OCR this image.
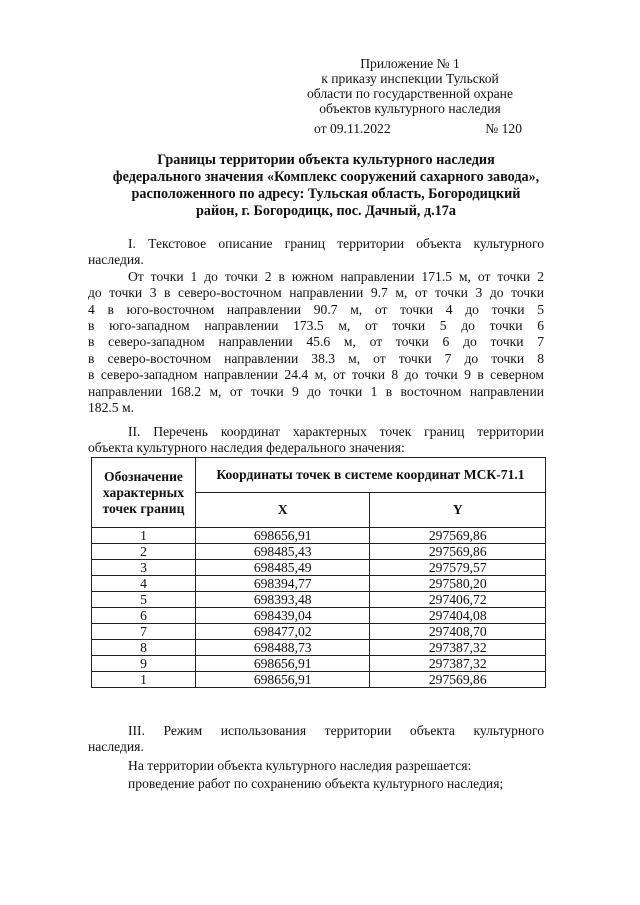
Приложение № 1
к приказу инспекции Тульской
области по государственной охране
объектов культурного наследия
от 09.11.2022	№ 120
Границы территории объекта культурного наследия
федерального значения «Комплекс сооружений сахарного завода»,
расположенного по адресу: Тульская область, Богородицкий
район, г. Богородицк, пос. Дачный, д.17а
I. Текстовое описание границ территории объекта культурного
наследия.
От точки 1 до точки 2 в южном направлении 171.5 м, от точки 2
до точки 3 в северо-восточном направлении 9.7 м, от точки 3 до точки
4 в юго-восточном направлении 90.7 м, от точки 4 до точки 5
в юго-западном направлении 173.5 м, от точки 5 до точки 6
в северо-западном направлении 45.6 м, от точки 6 до точки 7
в северо-восточном направлении 38.3 м, от точки 7 до точки 8
в северо-западном направлении 24.4 м, от точки 8 до точки 9 в северном
направлении 168.2 м, от точки 9 до точки 1 в восточном направлении
182.5 м.
II. Перечень координат характерных точек границ территории
объекта культурного наследия федерального значения:
Обозначение характерных точек границ	Координаты точек в системе координат МСК-71.1	
	X	Y
1	698656,91	297569,86
2	698485,43	297569,86
3	698485,49	297579,57
4	698394,77	297580,20
5	698393,48	297406,72
6	698439,04	297404,08
7	698477,02	297408,70
8	698488,73	297387,32
9	698656,91	297387,32
1	698656,91	297569,86
III. Режим использования территории объекта культурного
наследия.
На территории объекта культурного наследия разрешается:
проведение работ по сохранению объекта культурного наследия;
